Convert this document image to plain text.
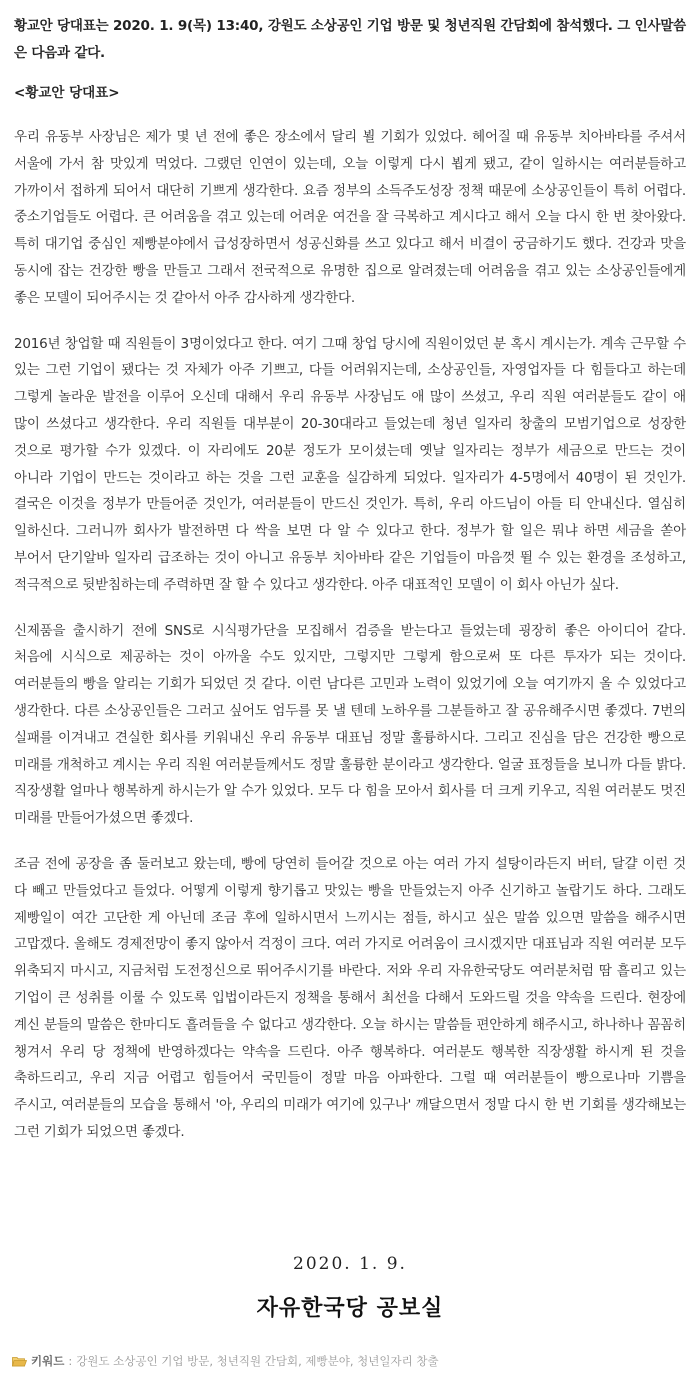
황교안 당대표는 2020. 1. 9(목) 13:40, 강원도 소상공인 기업 방문 및 청년직원 간담회에 참석했다. 그 인사말씀은 다음과 같다.

<황교안 당대표>

우리 유동부 사장님은 제가 몇 년 전에 좋은 장소에서 달리 뵐 기회가 있었다. 헤어질 때 유동부 치아바타를 주셔서 서울에 가서 참 맛있게 먹었다. 그랬던 인연이 있는데, 오늘 이렇게 다시 뵙게 됐고, 같이 일하시는 여러분들하고 가까이서 접하게 되어서 대단히 기쁘게 생각한다. 요즘 정부의 소득주도성장 정책 때문에 소상공인들이 특히 어렵다. 중소기업들도 어렵다. 큰 어려움을 겪고 있는데 어려운 여건을 잘 극복하고 계시다고 해서 오늘 다시 한 번 찾아왔다. 특히 대기업 중심인 제빵분야에서 급성장하면서 성공신화를 쓰고 있다고 해서 비결이 궁금하기도 했다. 건강과 맛을 동시에 잡는 건강한 빵을 만들고 그래서 전국적으로 유명한 집으로 알려졌는데 어려움을 겪고 있는 소상공인들에게 좋은 모델이 되어주시는 것 같아서 아주 감사하게 생각한다.

2016년 창업할 때 직원들이 3명이었다고 한다. 여기 그때 창업 당시에 직원이었던 분 혹시 계시는가. 계속 근무할 수 있는 그런 기업이 됐다는 것 자체가 아주 기쁘고, 다들 어려워지는데, 소상공인들, 자영업자들 다 힘들다고 하는데 그렇게 놀라운 발전을 이루어 오신데 대해서 우리 유동부 사장님도 애 많이 쓰셨고, 우리 직원 여러분들도 같이 애 많이 쓰셨다고 생각한다. 우리 직원들 대부분이 20-30대라고 들었는데 청년 일자리 창출의 모범기업으로 성장한 것으로 평가할 수가 있겠다. 이 자리에도 20분 정도가 모이셨는데 옛날 일자리는 정부가 세금으로 만드는 것이 아니라 기업이 만드는 것이라고 하는 것을 그런 교훈을 실감하게 되었다. 일자리가 4-5명에서 40명이 된 것인가. 결국은 이것을 정부가 만들어준 것인가, 여러분들이 만드신 것인가. 특히, 우리 아드님이 아들 티 안내신다. 열심히 일하신다. 그러니까 회사가 발전하면 다 싹을 보면 다 알 수 있다고 한다. 정부가 할 일은 뭐냐 하면 세금을 쏟아 부어서 단기알바 일자리 급조하는 것이 아니고 유동부 치아바타 같은 기업들이 마음껏 뛸 수 있는 환경을 조성하고, 적극적으로 뒷받침하는데 주력하면 잘 할 수 있다고 생각한다. 아주 대표적인 모델이 이 회사 아닌가 싶다.

신제품을 출시하기 전에 SNS로 시식평가단을 모집해서 검증을 받는다고 들었는데 굉장히 좋은 아이디어 같다. 처음에 시식으로 제공하는 것이 아까울 수도 있지만, 그렇지만 그렇게 함으로써 또 다른 투자가 되는 것이다. 여러분들의 빵을 알리는 기회가 되었던 것 같다. 이런 남다른 고민과 노력이 있었기에 오늘 여기까지 올 수 있었다고 생각한다. 다른 소상공인들은 그러고 싶어도 엄두를 못 낼 텐데 노하우를 그분들하고 잘 공유해주시면 좋겠다. 7번의 실패를 이겨내고 견실한 회사를 키워내신 우리 유동부 대표님 정말 훌륭하시다. 그리고 진심을 담은 건강한 빵으로 미래를 개척하고 계시는 우리 직원 여러분들께서도 정말 훌륭한 분이라고 생각한다. 얼굴 표정들을 보니까 다들 밝다. 직장생활 얼마나 행복하게 하시는가 알 수가 있었다. 모두 다 힘을 모아서 회사를 더 크게 키우고, 직원 여러분도 멋진 미래를 만들어가셨으면 좋겠다.

조금 전에 공장을 좀 둘러보고 왔는데, 빵에 당연히 들어갈 것으로 아는 여러 가지 설탕이라든지 버터, 달걀 이런 것 다 빼고 만들었다고 들었다. 어떻게 이렇게 향기롭고 맛있는 빵을 만들었는지 아주 신기하고 놀랍기도 하다. 그래도 제빵일이 여간 고단한 게 아닌데 조금 후에 일하시면서 느끼시는 점들, 하시고 싶은 말씀 있으면 말씀을 해주시면 고맙겠다. 올해도 경제전망이 좋지 않아서 걱정이 크다. 여러 가지로 어려움이 크시겠지만 대표님과 직원 여러분 모두 위축되지 마시고, 지금처럼 도전정신으로 뛰어주시기를 바란다. 저와 우리 자유한국당도 여러분처럼 땀 흘리고 있는 기업이 큰 성취를 이룰 수 있도록 입법이라든지 정책을 통해서 최선을 다해서 도와드릴 것을 약속을 드린다. 현장에 계신 분들의 말씀은 한마디도 흘려들을 수 없다고 생각한다. 오늘 하시는 말씀들 편안하게 해주시고, 하나하나 꼼꼼히 챙겨서 우리 당 정책에 반영하겠다는 약속을 드린다. 아주 행복하다. 여러분도 행복한 직장생활 하시게 된 것을 축하드리고, 우리 지금 어렵고 힘들어서 국민들이 정말 마음 아파한다. 그럴 때 여러분들이 빵으로나마 기쁨을 주시고, 여러분들의 모습을 통해서 '아, 우리의 미래가 여기에 있구나' 깨달으면서 정말 다시 한 번 기회를 생각해보는 그런 기회가 되었으면 좋겠다.

2020. 1. 9.
자유한국당 공보실
키워드 : 강원도 소상공인 기업 방문, 청년직원 간담회, 제빵분야, 청년일자리 창출
